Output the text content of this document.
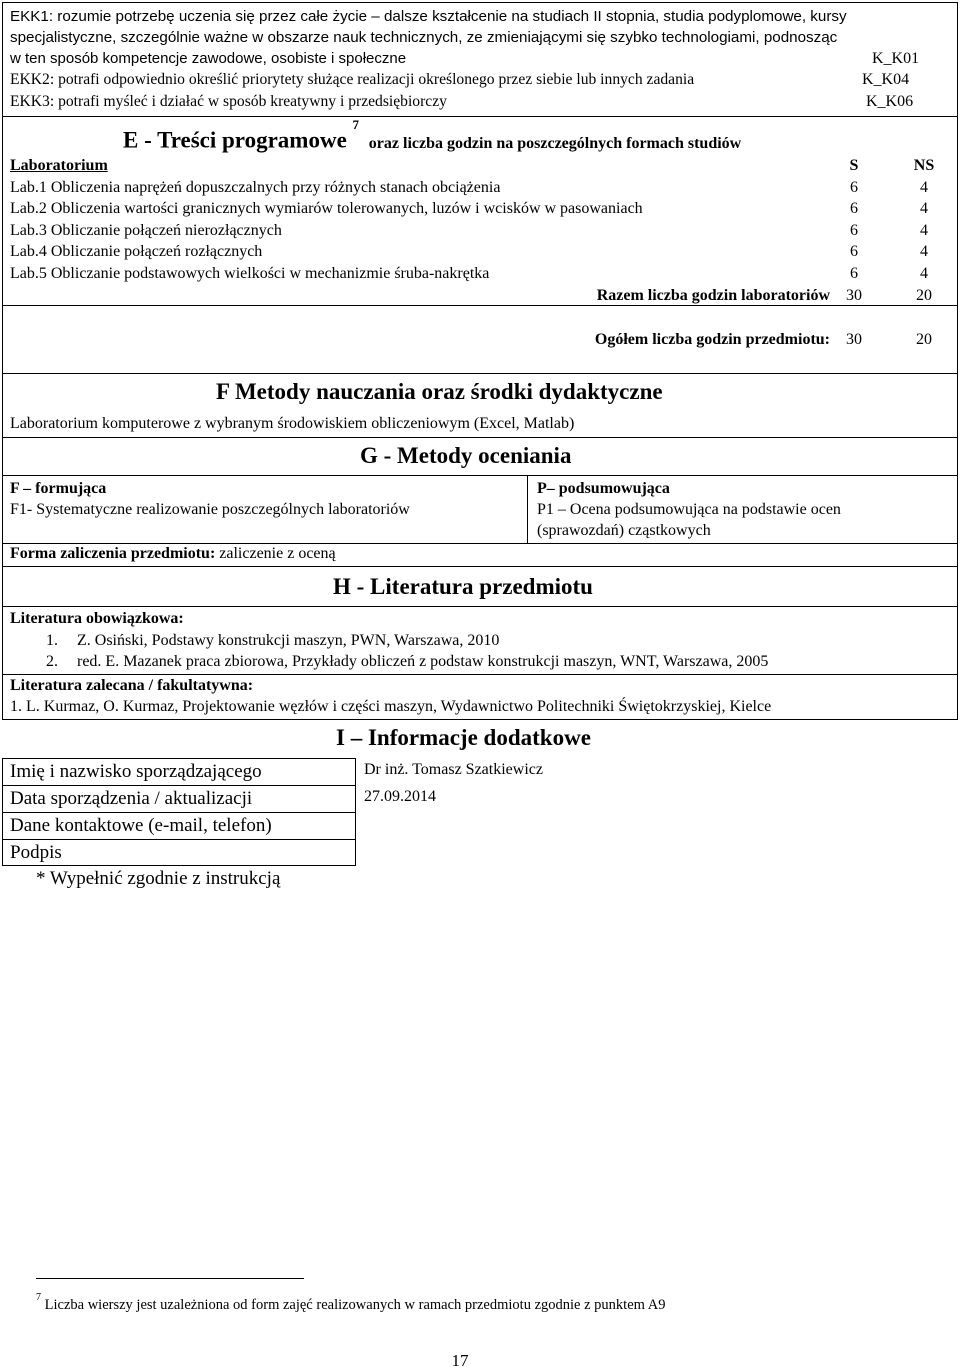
EKK1: rozumie potrzebę uczenia się przez całe życie – dalsze kształcenie na studiach II stopnia, studia podyplomowe, kursy
specjalistyczne, szczególnie ważne w obszarze nauk technicznych, ze zmieniającymi się szybko technologiami, podnosząc
w ten sposób kompetencje zawodowe, osobiste i społeczne	K_K01
EKK2: potrafi odpowiednio określić priorytety służące realizacji określonego przez siebie lub innych zadania	K_K04
EKK3: potrafi myśleć i działać w sposób kreatywny i przedsiębiorczy	K_K06
E - Treści programowe $^7$ oraz liczba godzin na poszczególnych formach studiów
Laboratorium	S	NS
Lab.1 Obliczenia naprężeń dopuszczalnych przy różnych stanach obciążenia	6	4
Lab.2 Obliczenia wartości granicznych wymiarów tolerowanych, luzów i wcisków w pasowaniach	6	4
Lab.3 Obliczanie połączeń nierozłącznych	6	4
Lab.4 Obliczanie połączeń rozłącznych	6	4
Lab.5 Obliczanie podstawowych wielkości w mechanizmie śruba-nakrętka	6	4
Razem liczba godzin laboratoriów	30	20
Ogółem liczba godzin przedmiotu:	30	20
F Metody nauczania oraz środki dydaktyczne
Laboratorium komputerowe z wybranym środowiskiem obliczeniowym (Excel, Matlab)
G - Metody oceniania
F – formująca
F1- Systematyczne realizowanie poszczególnych laboratoriów
P– podsumowująca
P1 – Ocena podsumowująca na podstawie ocen
(sprawozdań) cząstkowych
Forma zaliczenia przedmiotu: zaliczenie z oceną
H - Literatura przedmiotu
Literatura obowiązkowa:
1. Z. Osiński, Podstawy konstrukcji maszyn, PWN, Warszawa, 2010
2. red. E. Mazanek praca zbiorowa, Przykłady obliczeń z podstaw konstrukcji maszyn, WNT, Warszawa, 2005
Literatura zalecana / fakultatywna:
1. L. Kurmaz, O. Kurmaz, Projektowanie węzłów i części maszyn, Wydawnictwo Politechniki Świętokrzyskiej, Kielce
I – Informacje dodatkowe
Imię i nazwisko sporządzającego	Dr inż. Tomasz Szatkiewicz
Data sporządzenia / aktualizacji	27.09.2014
Dane kontaktowe (e-mail, telefon)
Podpis
* Wypełnić zgodnie z instrukcją
$^7$ Liczba wierszy jest uzależniona od form zajęć realizowanych w ramach przedmiotu zgodnie z punktem A9
17
